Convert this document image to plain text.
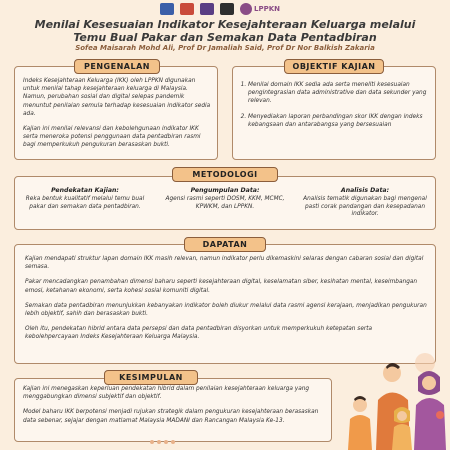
LPPKN
Menilai Kesesuaian Indikator Kesejahteraan Keluarga melalui
Temu Bual Pakar dan Semakan Data Pentadbiran
Sofea Maisarah Mohd Ali, Prof Dr Jamaliah Said, Prof Dr Nor Balkish Zakaria

Indeks Kesejahteraan Keluarga (IKK) oleh LPPKN digunakan untuk menilai tahap kesejahteraan keluarga di Malaysia. Namun, perubahan sosial dan digital selepas pandemik menuntut penilaian semula terhadap kesesuaian indikator sedia ada.

Kajian ini menilai relevansi dan kebolehgunaan indikator IKK serta meneroka potensi penggunaan data pentadbiran rasmi bagi memperkukuh pengukuran berasaskan bukti.

PENGENALAN
1. Menilai domain IKK sedia ada serta meneliti kesesuaian pengintegrasian data administrative dan data sekunder yang relevan.
2. Menyediakan laporan perbandingan skor IKK dengan indeks kebangsaan dan antarabangsa yang bersesuaian
OBJEKTIF KAJIAN
Pendekatan Kajian:
Reka bentuk kualitatif melalui temu bual pakar dan semakan data pentadbiran.
Pengumpulan Data:
Agensi rasmi seperti DOSM, KKM, MCMC, KPWKM, dan LPPKN.
Analisis Data:
Analisis tematik digunakan bagi mengenal pasti corak pandangan dan kesepadanan indikator.
METODOLOGI

Kajian mendapati struktur lapan domain IKK masih relevan, namun indikator perlu dikemaskini selaras dengan cabaran sosial dan digital semasa.

Pakar mencadangkan penambahan dimensi baharu seperti kesejahteraan digital, keselamatan siber, kesihatan mental, keseimbangan emosi, ketahanan ekonomi, serta kohesi sosial komuniti digital.

Semakan data pentadbiran menunjukkan kebanyakan indikator boleh diukur melalui data rasmi agensi kerajaan, menjadikan pengukuran lebih objektif, sahih dan berasaskan bukti.

Oleh itu, pendekatan hibrid antara data persepsi dan data pentadbiran disyorkan untuk memperkukuh ketepatan serta kebolehpercayaan Indeks Kesejahteraan Keluarga Malaysia.

DAPATAN

Kajian ini menegaskan keperluan pendekatan hibrid dalam penilaian kesejahteraan keluarga yang menggabungkan dimensi subjektif dan objektif.

Model baharu IKK berpotensi menjadi rujukan strategik dalam pengukuran kesejahteraan berasaskan data sebenar, sejajar dengan matlamat Malaysia MADANI dan Rancangan Malaysia Ke-13.

KESIMPULAN
